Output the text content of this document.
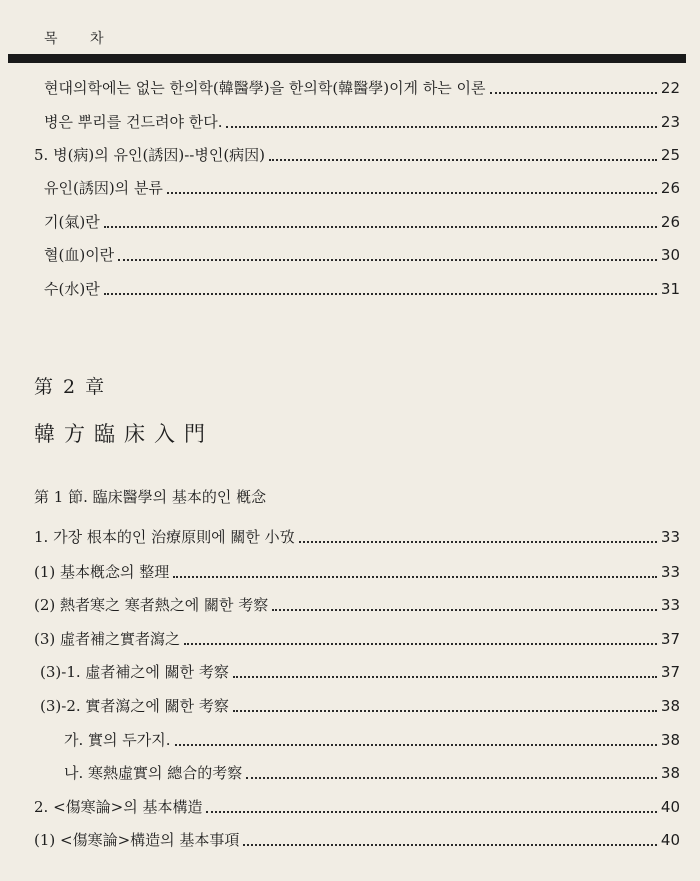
목 차
현대의학에는 없는 한의학(韓醫學)을 한의학(韓醫學)이게 하는 이론	22
병은 뿌리를 건드려야 한다.	23
5. 병(病)의 유인(誘因)--병인(病因)	25
유인(誘因)의 분류	26
기(氣)란	26
혈(血)이란	30
수(水)란	31
第 2 章
韓方臨床入門
第 1 節. 臨床醫學의 基本的인 槪念
1. 가장 根本的인 治療原則에 關한 小攷	33
(1) 基本槪念의 整理	33
(2) 熱者寒之 寒者熱之에 關한 考察	33
(3) 虛者補之實者瀉之	37
(3)-1. 虛者補之에 關한 考察	37
(3)-2. 實者瀉之에 關한 考察	38
가. 實의 두가지.	38
나. 寒熱虛實의 總合的考察	38
2. <傷寒論>의 基本構造	40
(1) <傷寒論>構造의 基本事項	40
